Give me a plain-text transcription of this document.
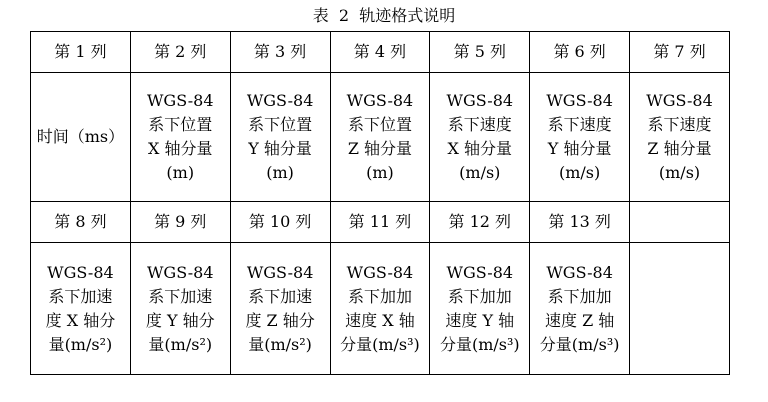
表  2  轨迹格式说明
第 1 列	第 2 列	第 3 列	第 4 列	第 5 列	第 6 列	第 7 列
时间（ms）	WGS-84
系下位置
X 轴分量
(m)	WGS-84
系下位置
Y 轴分量
(m)	WGS-84
系下位置
Z 轴分量
(m)	WGS-84
系下速度
X 轴分量
(m/s)	WGS-84
系下速度
Y 轴分量
(m/s)	WGS-84
系下速度
Z 轴分量
(m/s)
第 8 列	第 9 列	第 10 列	第 11 列	第 12 列	第 13 列	
WGS-84
系下加速
度 X 轴分
量(m/s²)	WGS-84
系下加速
度 Y 轴分
量(m/s²)	WGS-84
系下加速
度 Z 轴分
量(m/s²)	WGS-84
系下加加
速度 X 轴
分量(m/s³)	WGS-84
系下加加
速度 Y 轴
分量(m/s³)	WGS-84
系下加加
速度 Z 轴
分量(m/s³)	
